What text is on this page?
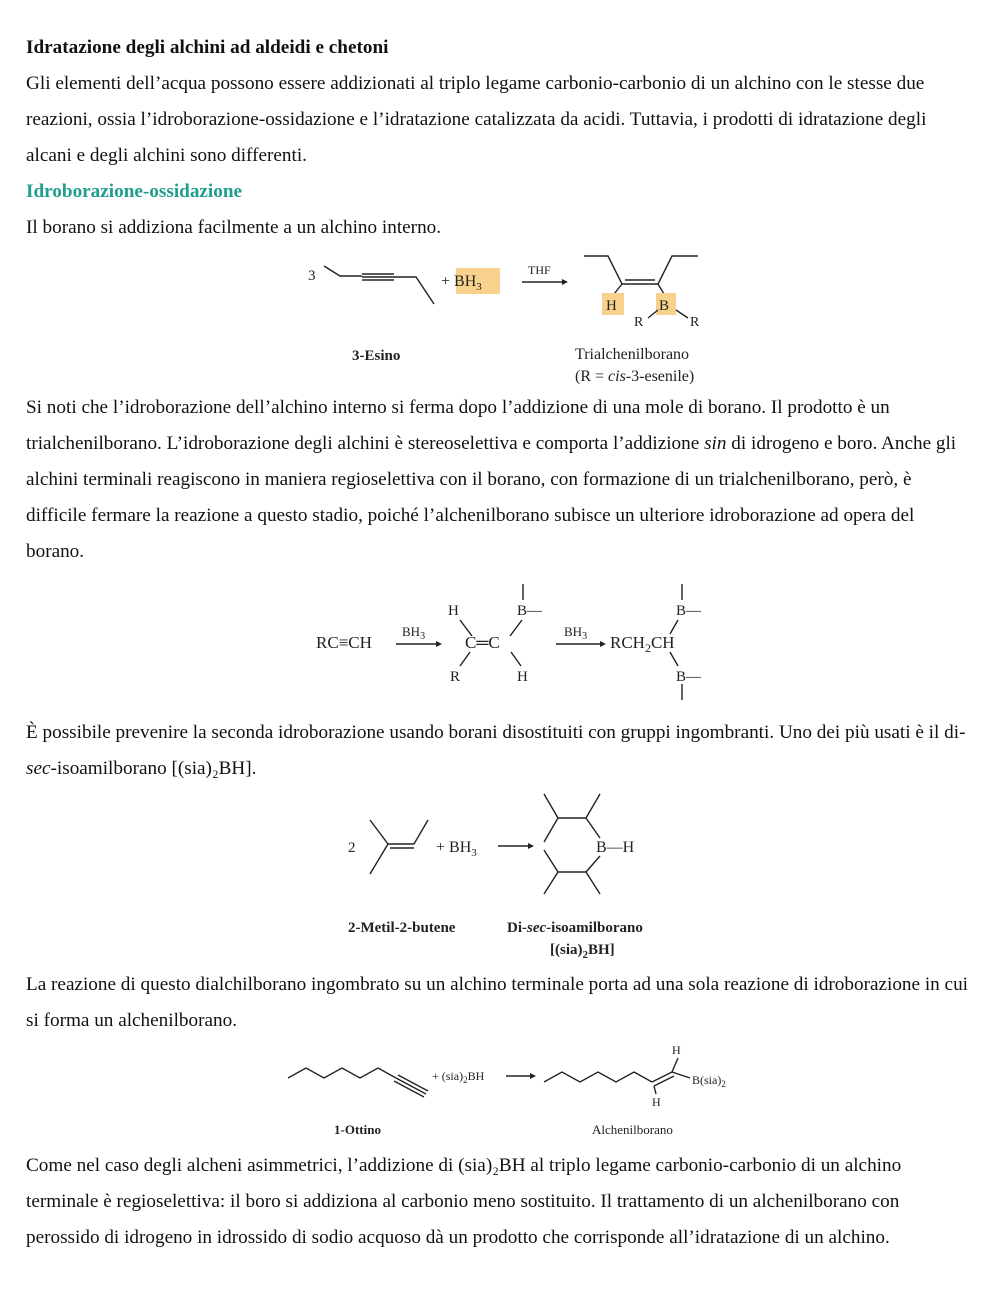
Idratazione degli alchini ad aldeidi e chetoni

Gli elementi dell’acqua possono essere addizionati al triplo legame carbonio-carbonio di un alchino con le stesse due reazioni, ossia l’idroborazione-ossidazione e l’idratazione catalizzata da acidi. Tuttavia, i prodotti di idratazione degli alcani e degli alchini sono differenti.

Idroborazione-ossidazione

Il borano si addiziona facilmente a un alchino interno.

3	+ $BH_3$
THF
H	B
R	R
3-Esino	Trialchenilborano
(R = cis-3-esenile)

Si noti che l’idroborazione dell’alchino interno si ferma dopo l’addizione di una mole di borano. Il prodotto è un trialchenilborano. L’idroborazione degli alchini è stereoselettiva e comporta l’addizione sin di idrogeno e boro. Anche gli alchini terminali reagiscono in maniera regioselettiva con il borano, con formazione di un trialchenilborano, però, è difficile fermare la reazione a questo stadio, poiché l’alchenilborano subisce un ulteriore idroborazione ad opera del borano.

RC≡CH
$BH_3$
H	B—
C═C
R	H
$BH_3$
B—
$RCH_2CH$
B—

È possibile prevenire la seconda idroborazione usando borani disostituiti con gruppi ingombranti. Uno dei più usati è il di-sec-isoamilborano [(sia)₂BH].

2	+ $BH_3$	B—H
2-Metil-2-butene	Di-sec-isoamilborano
$[(sia)_2BH]$

La reazione di questo dialchilborano ingombrato su un alchino terminale porta ad una sola reazione di idroborazione in cui si forma un alchenilborano.

+ $(sia)_2BH$
H
$B(sia)_2$
H
1-Ottino	Alchenilborano

Come nel caso degli alcheni asimmetrici, l’addizione di (sia)₂BH al triplo legame carbonio-carbonio di un alchino terminale è regioselettiva: il boro si addiziona al carbonio meno sostituito. Il trattamento di un alchenilborano con perossido di idrogeno in idrossido di sodio acquoso dà un prodotto che corrisponde all’idratazione di un alchino.
